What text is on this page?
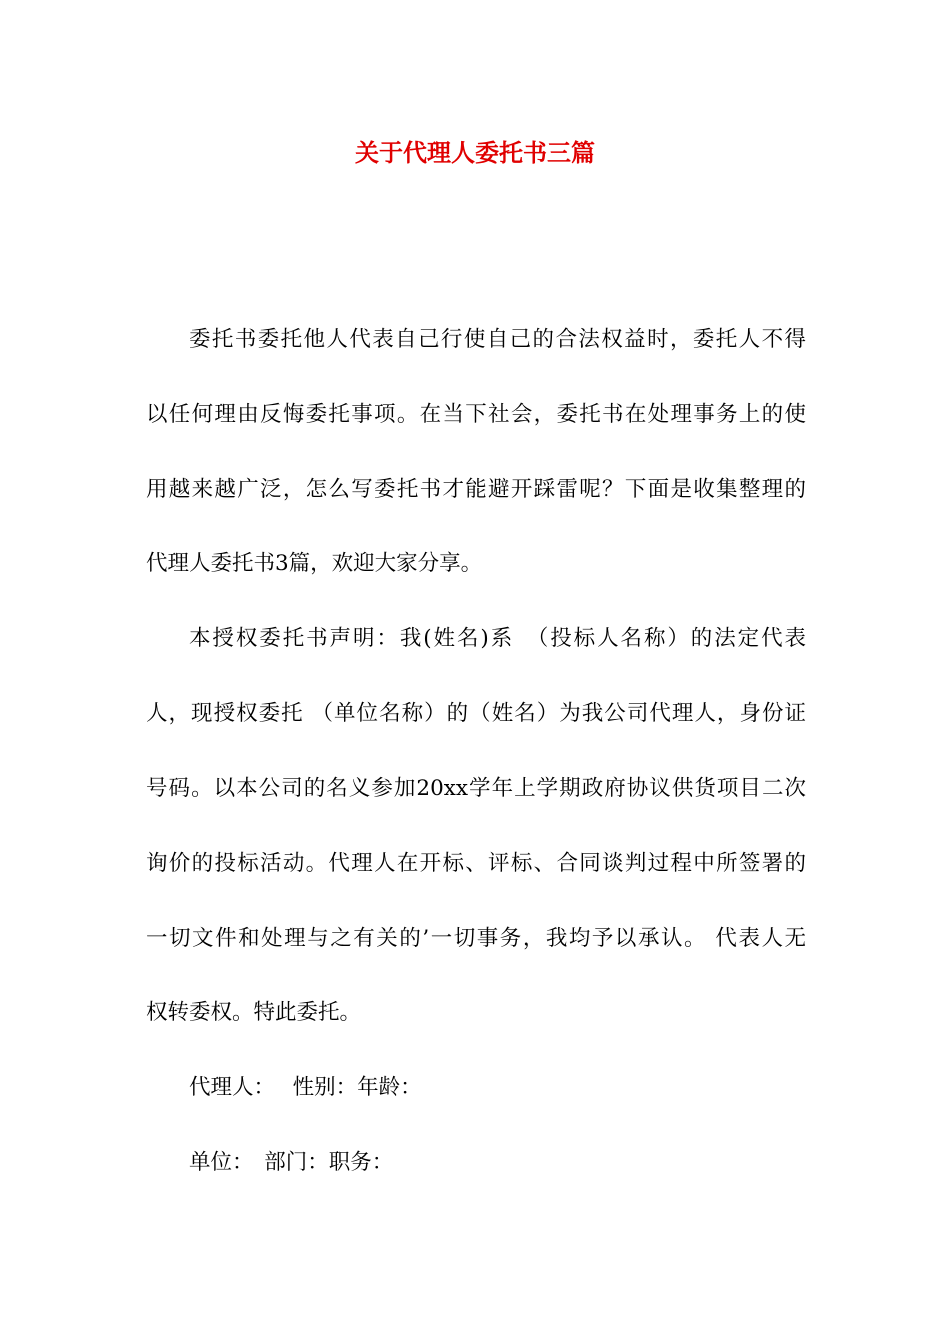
关于代理人委托书三篇
委托书委托他人代表自己行使自己的合法权益时，委托人不得
以任何理由反悔委托事项。在当下社会，委托书在处理事务上的使
用越来越广泛，怎么写委托书才能避开踩雷呢？下面是收集整理的
代理人委托书3篇，欢迎大家分享。
本授权委托书声明：我(姓名)系　（投标人名称）的法定代表
人，现授权委托 （单位名称）的（姓名）为我公司代理人，身份证
号码。以本公司的名义参加20xx学年上学期政府协议供货项目二次
询价的投标活动。代理人在开标、评标、合同谈判过程中所签署的
一切文件和处理与之有关的’一切事务，我均予以承认。 代表人无
权转委权。特此委托。
代理人：　 性别：年龄：
单位：　部门：职务：
